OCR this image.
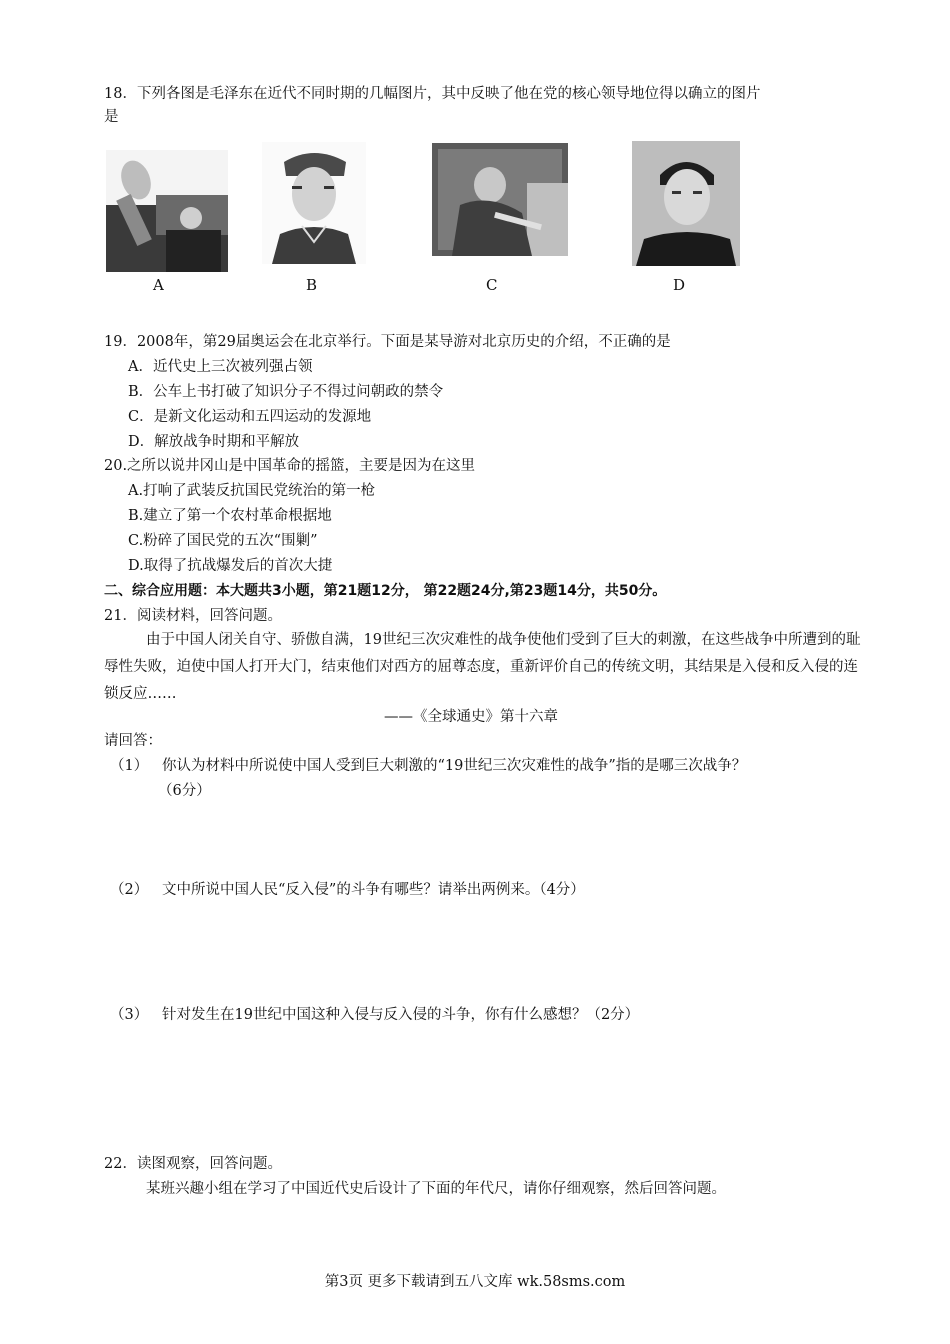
18．下列各图是毛泽东在近代不同时期的几幅图片，其中反映了他在党的核心领导地位得以确立的图片
是
A	B	C	D
19．2008年，第29届奥运会在北京举行。下面是某导游对北京历史的介绍，不正确的是
A．近代史上三次被列强占领
B．公车上书打破了知识分子不得过问朝政的禁令
C．是新文化运动和五四运动的发源地
D．解放战争时期和平解放
20.之所以说井冈山是中国革命的摇篮，主要是因为在这里
A.打响了武装反抗国民党统治的第一枪
B.建立了第一个农村革命根据地
C.粉碎了国民党的五次“围剿”
D.取得了抗战爆发后的首次大捷
二、综合应用题：本大题共3小题，第21题12分， 第22题24分,第23题14分，共50分。
21．阅读材料，回答问题。
由于中国人闭关自守、骄傲自满，19世纪三次灾难性的战争使他们受到了巨大的刺激，在这些战争中所遭到的耻辱性失败，迫使中国人打开大门，结束他们对西方的屈尊态度，重新评价自己的传统文明，其结果是入侵和反入侵的连锁反应……
——《全球通史》第十六章
请回答：
（1） 你认为材料中所说使中国人受到巨大刺激的“19世纪三次灾难性的战争”指的是哪三次战争？
（6分）
（2） 文中所说中国人民“反入侵”的斗争有哪些？请举出两例来。（4分）
（3） 针对发生在19世纪中国这种入侵与反入侵的斗争，你有什么感想？（2分）
22．读图观察，回答问题。
某班兴趣小组在学习了中国近代史后设计了下面的年代尺，请你仔细观察，然后回答问题。
第3页 更多下载请到五八文库 wk.58sms.com
